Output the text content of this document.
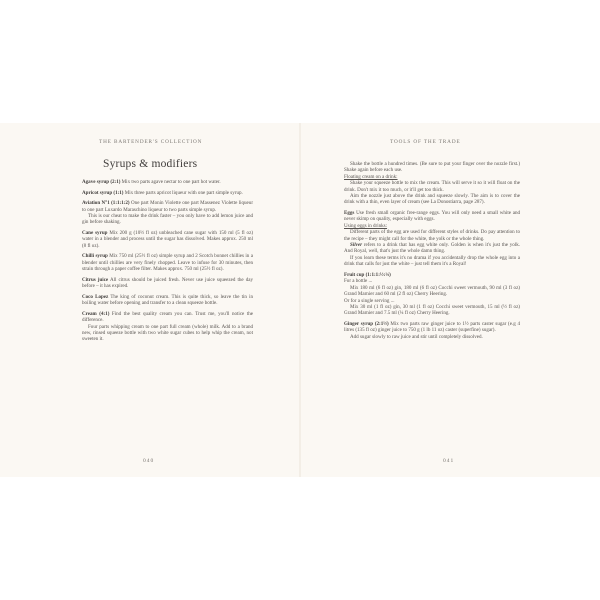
THE BARTENDER'S COLLECTION
Syrups & modifiers

Agave syrup (2:1) Mix two parts agave nectar to one part hot water.

Apricot syrup (1:1) Mix three parts apricot liqueur with one part simple syrup.

Aviation N°1 (1:1:1:2) One part Monin Violette one part Massenez Violette liqueur to one part Luxardo Maraschino liqueur to two parts simple syrup.

This is our cheat to make the drink faster – you only have to add lemon juice and gin before shaking.

Cane syrup Mix 200 g (10½ fl oz) unbleached cane sugar with 150 ml (5 fl oz) water in a blender and process until the sugar has dissolved. Makes approx. 250 ml (8 fl oz).

Chilli syrup Mix 750 ml (25½ fl oz) simple syrup and 2 Scotch bonnet chillies in a blender until chillies are very finely chopped. Leave to infuse for 30 minutes, then strain through a paper coffee filter. Makes approx. 750 ml (25½ fl oz).

Citrus juice All citrus should be juiced fresh. Never use juice squeezed the day before – it has expired.

Coco Lopez The king of coconut cream. This is quite thick, so leave the tin in boiling water before opening and transfer to a clean squeeze bottle.

Cream (4:1) Find the best quality cream you can. Trust me, you'll notice the difference.

Four parts whipping cream to one part full cream (whole) milk. Add to a brand new, rinsed squeeze bottle with two white sugar cubes to help whip the cream, not sweeten it.

040
TOOLS OF THE TRADE

Shake the bottle a hundred times. (Be sure to put your finger over the nozzle first.) Shake again before each use.

Floating cream on a drink:

Shake your squeeze bottle to mix the cream. This will serve it so it will float on the drink. Don't mix it too much, or it'll get too thick.

Aim the nozzle just above the drink and squeeze slowly. The aim is to cover the drink with a thin, even layer of cream (see La Donostiarra, page 287).

Eggs Use fresh small organic free-range eggs. You will only need a small white and never skimp on quality, especially with eggs.

Using eggs in drinks:

Different parts of the egg are used for different styles of drinks. Do pay attention to the recipe – they might call for the white, the yolk or the whole thing.

Silver refers to a drink that has egg white only. Golden is when it's just the yolk. And Royal, well, that's just the whole damn thing.

If you learn these terms it's no drama if you accidentally drop the whole egg into a drink that calls for just the white – just tell them it's a Royal!

Fruit cup (1:1:1:½:¼)

For a bottle ...

Mix 180 ml (6 fl oz) gin, 180 ml (6 fl oz) Cocchi sweet vermouth, 90 ml (3 fl oz) Grand Marnier and 60 ml (2 fl oz) Cherry Heering.

Or for a single serving ...

Mix 30 ml (1 fl oz) gin, 30 ml (1 fl oz) Cocchi sweet vermouth, 15 ml (½ fl oz) Grand Marnier and 7.5 ml (¼ fl oz) Cherry Heering.

Ginger syrup (2:1½) Mix two parts raw ginger juice to 1½ parts caster sugar (e.g 4 litres (135 fl oz) ginger juice to 750 g (1 lb 11 oz) caster (superfine) sugar).

Add sugar slowly to raw juice and stir until completely dissolved.

041
